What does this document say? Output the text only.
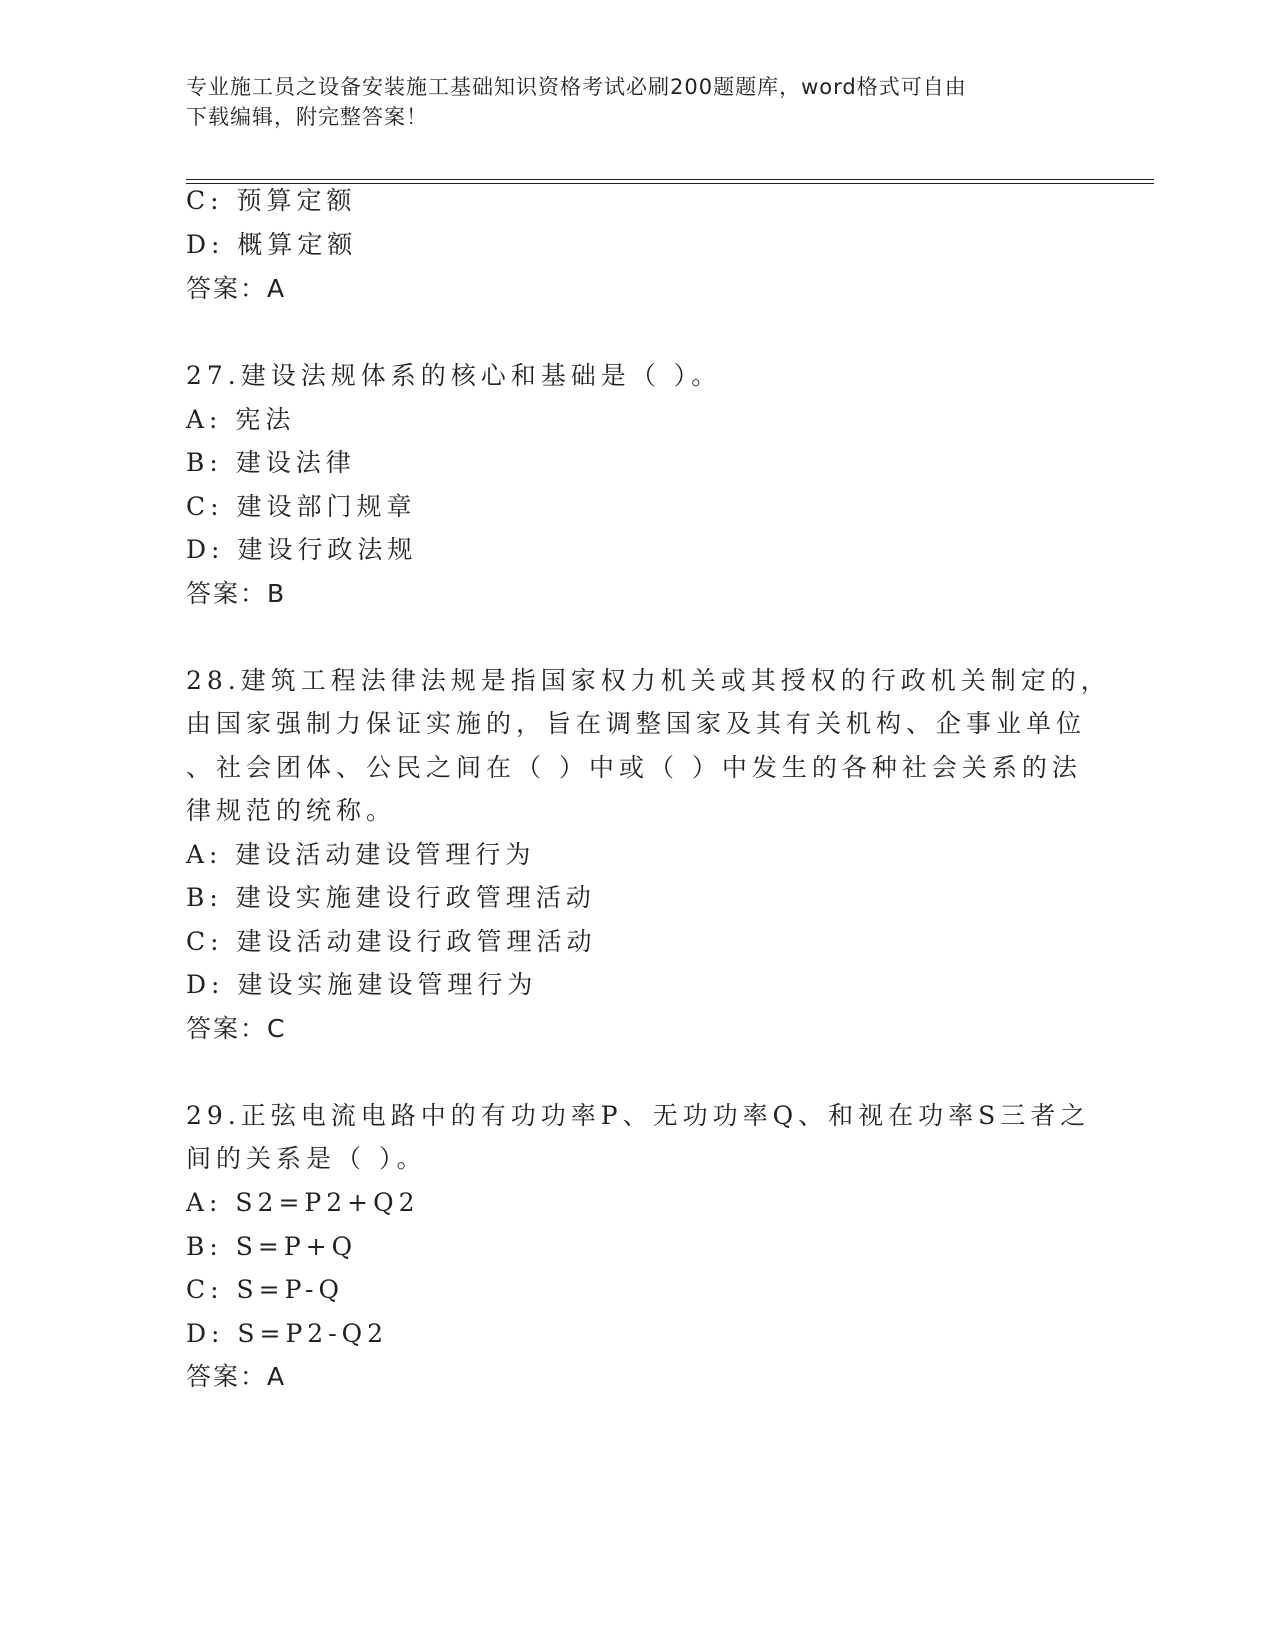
专业施工员之设备安装施工基础知识资格考试必刷200题题库，word格式可自由
下载编辑，附完整答案！
C: 预算定额
D: 概算定额
答案：A
27.建设法规体系的核心和基础是（ ）。
A: 宪法
B: 建设法律
C: 建设部门规章
D: 建设行政法规
答案：B
28.建筑工程法律法规是指国家权力机关或其授权的行政机关制定的，
由国家强制力保证实施的，旨在调整国家及其有关机构、企事业单位
、社会团体、公民之间在（ ）中或（ ）中发生的各种社会关系的法
律规范的统称。
A: 建设活动建设管理行为
B: 建设实施建设行政管理活动
C: 建设活动建设行政管理活动
D: 建设实施建设管理行为
答案：C
29.正弦电流电路中的有功功率P、无功功率Q、和视在功率S三者之
间的关系是（ ）。
A: S2=P2+Q2
B: S=P+Q
C: S=P-Q
D: S=P2-Q2
答案：A
